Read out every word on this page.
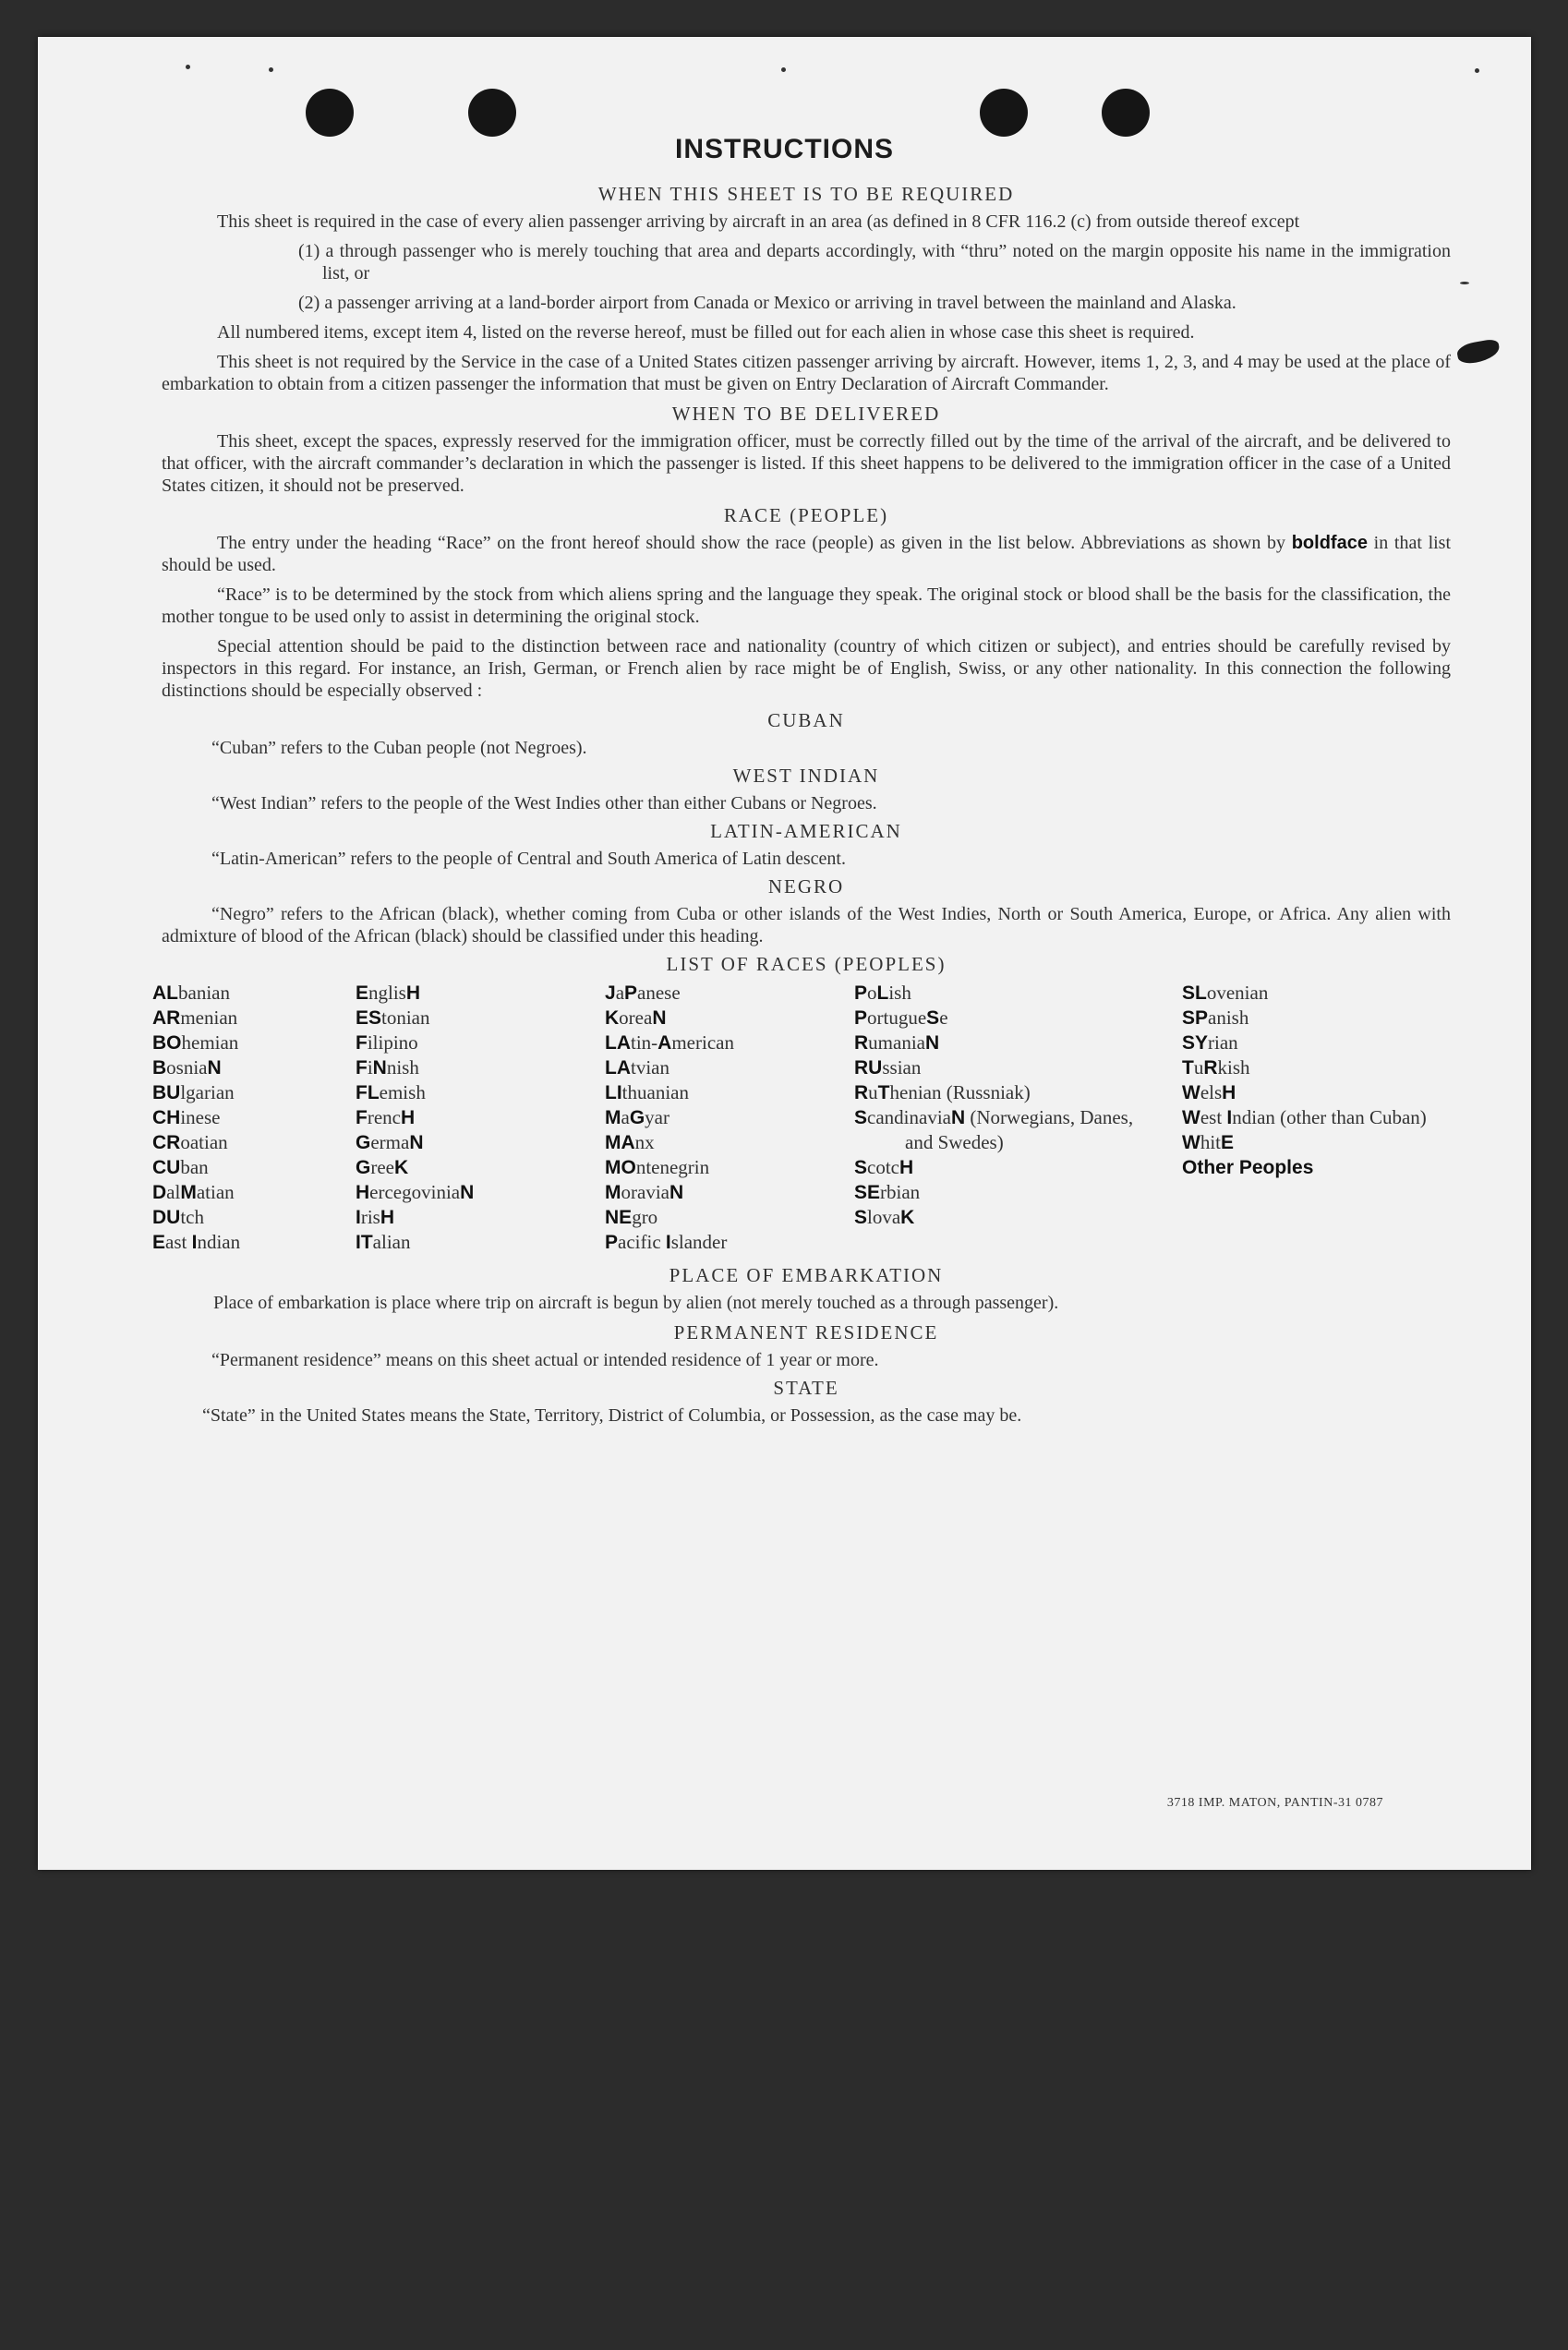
INSTRUCTIONS
WHEN THIS SHEET IS TO BE REQUIRED

This sheet is required in the case of every alien passenger arriving by aircraft in an area (as defined in 8 CFR 116.2 (c) from outside thereof except

(1) a through passenger who is merely touching that area and departs accordingly, with “thru” noted on the margin opposite his name in the immigration list, or

(2) a passenger arriving at a land-border airport from Canada or Mexico or arriving in travel between the mainland and Alaska.

All numbered items, except item 4, listed on the reverse hereof, must be filled out for each alien in whose case this sheet is required.

This sheet is not required by the Service in the case of a United States citizen passenger arriving by aircraft. However, items 1, 2, 3, and 4 may be used at the place of embarkation to obtain from a citizen passenger the information that must be given on Entry Declaration of Aircraft Commander.

WHEN TO BE DELIVERED

This sheet, except the spaces, expressly reserved for the immigration officer, must be correctly filled out by the time of the arrival of the aircraft, and be delivered to that officer, with the aircraft commander’s declaration in which the passenger is listed. If this sheet happens to be delivered to the immigration officer in the case of a United States citizen, it should not be preserved.

RACE (PEOPLE)

The entry under the heading “Race” on the front hereof should show the race (people) as given in the list below. Abbreviations as shown by boldface in that list should be used.

“Race” is to be determined by the stock from which aliens spring and the language they speak. The original stock or blood shall be the basis for the classification, the mother tongue to be used only to assist in determining the original stock.

Special attention should be paid to the distinction between race and nationality (country of which citizen or subject), and entries should be carefully revised by inspectors in this regard. For instance, an Irish, German, or French alien by race might be of English, Swiss, or any other nationality. In this connection the following distinctions should be especially observed :

CUBAN

“Cuban” refers to the Cuban people (not Negroes).

WEST INDIAN

“West Indian” refers to the people of the West Indies other than either Cubans or Negroes.

LATIN-AMERICAN

“Latin-American” refers to the people of Central and South America of Latin descent.

NEGRO

“Negro” refers to the African (black), whether coming from Cuba or other islands of the West Indies, North or South America, Europe, or Africa. Any alien with admixture of blood of the African (black) should be classified under this heading.

LIST OF RACES (PEOPLES)
ALbanian
ARmenian
BOhemian
BosniaN
BUlgarian
CHinese
CRoatian
CUban
DalMatian
DUtch
East Indian
EnglisH
EStonian
Filipino
FiNnish
FLemish
FrencH
GermaN
GreeK
HercegoviniaN
IrisH
ITalian
JaPanese
KoreaN
LAtin-American
LAtvian
LIthuanian
MaGyar
MAnx
MOntenegrin
MoraviaN
NEgro
Pacific Islander
PoLish
PortugueSe
RumaniaN
RUssian
RuThenian (Russniak)
ScandinaviaN (Norwegians, Danes, and Swedes)
ScotcH
SErbian
SlovaK
SLovenian
SPanish
SYrian
TuRkish
WelsH
West Indian (other than Cuban)
WhitE
Other Peoples
PLACE OF EMBARKATION

Place of embarkation is place where trip on aircraft is begun by alien (not merely touched as a through passenger).

PERMANENT RESIDENCE

“Permanent residence” means on this sheet actual or intended residence of 1 year or more.

STATE

“State” in the United States means the State, Territory, District of Columbia, or Possession, as the case may be.

3718 IMP. MATON, PANTIN-31 0787
